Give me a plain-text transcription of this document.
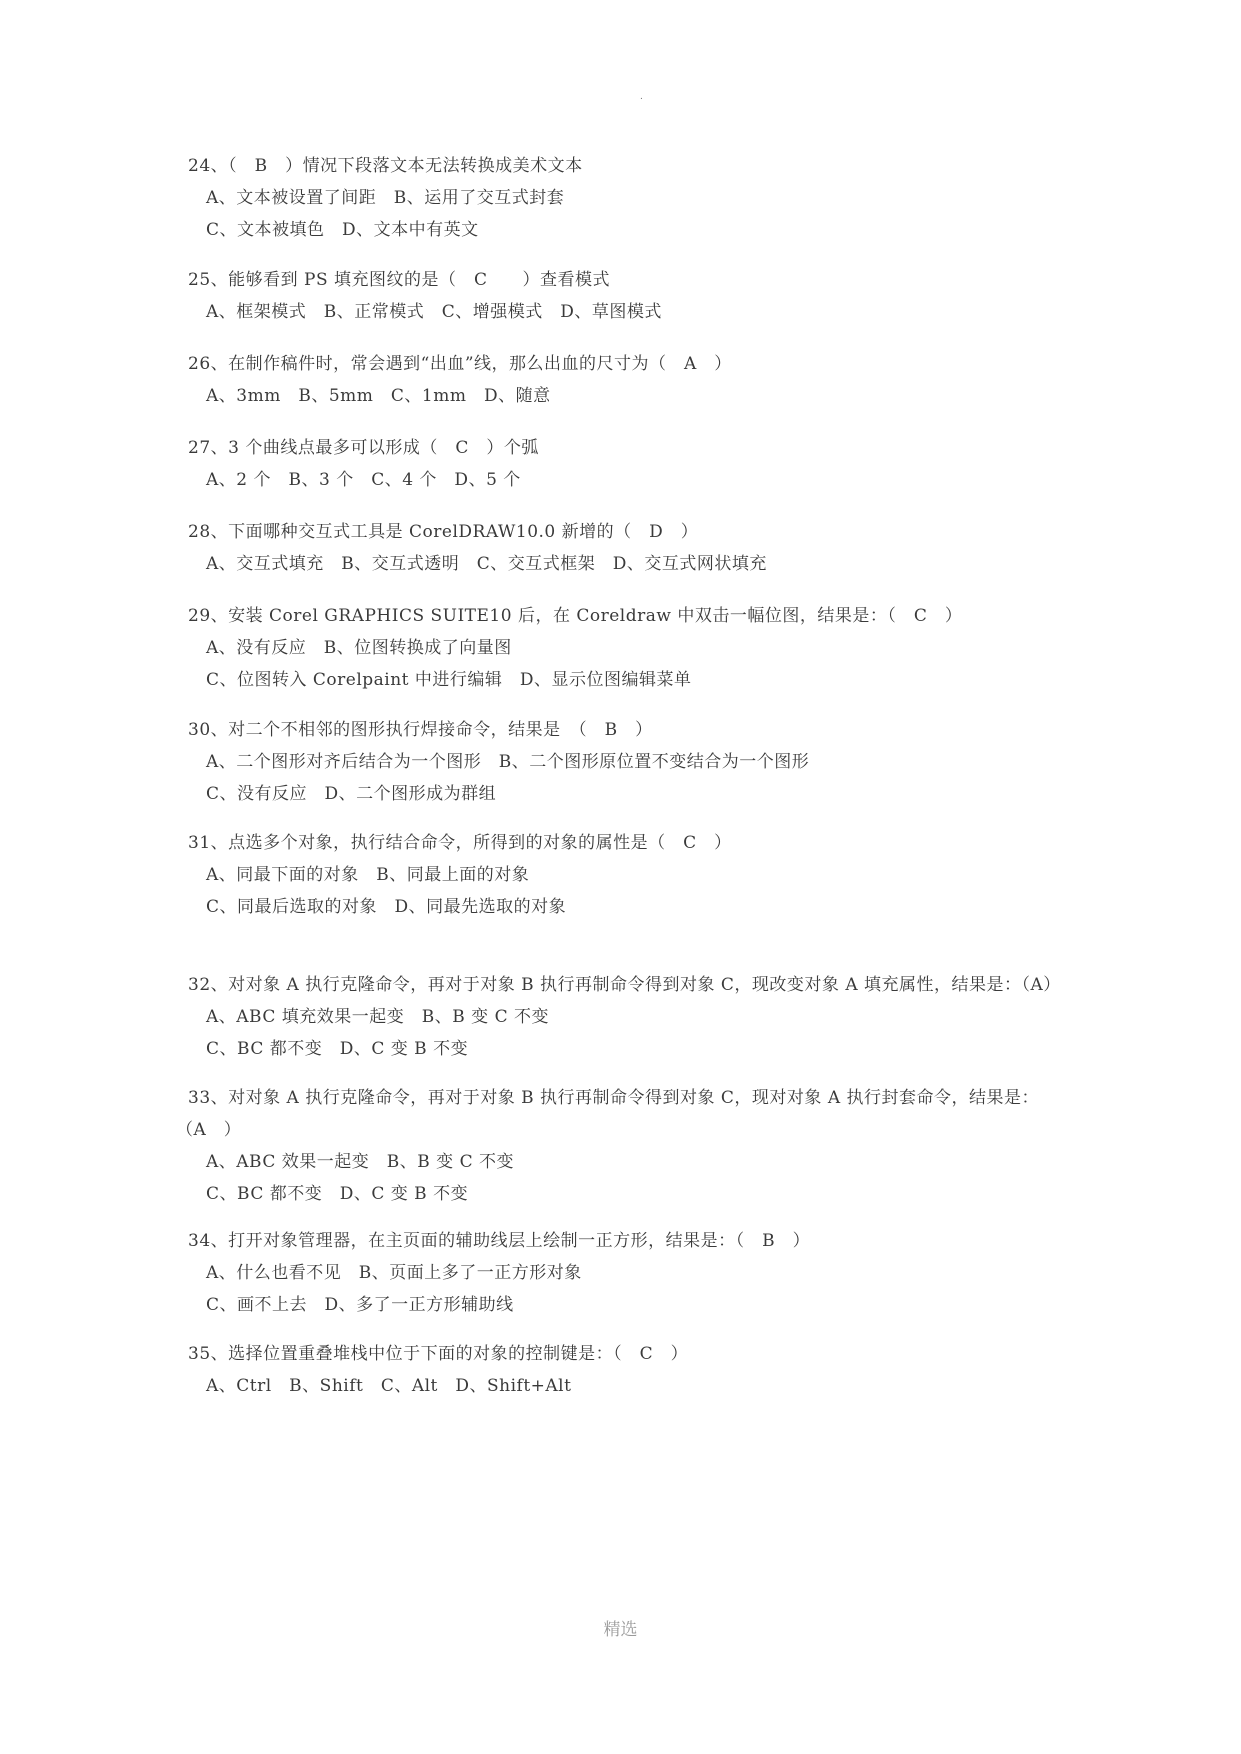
.
24、（　B　）情况下段落文本无法转换成美术文本
A、文本被设置了间距　B、运用了交互式封套
C、文本被填色　D、文本中有英文
25、能够看到 PS 填充图纹的是（　C　　）查看模式
A、框架模式　B、正常模式　C、增强模式　D、草图模式
26、在制作稿件时，常会遇到“出血”线，那么出血的尺寸为（　A　）
A、3mm　B、5mm　C、1mm　D、随意
27、3 个曲线点最多可以形成（　C　）个弧
A、2 个　B、3 个　C、4 个　D、5 个
28、下面哪种交互式工具是 CorelDRAW10.0 新增的（　D　）
A、交互式填充　B、交互式透明　C、交互式框架　D、交互式网状填充
29、安装 Corel GRAPHICS SUITE10 后，在 Coreldraw 中双击一幅位图，结果是：（　C　）
A、没有反应　B、位图转换成了向量图
C、位图转入 Corelpaint 中进行编辑　D、显示位图编辑菜单
30、对二个不相邻的图形执行焊接命令，结果是　（　B　）
A、二个图形对齐后结合为一个图形　B、二个图形原位置不变结合为一个图形
C、没有反应　D、二个图形成为群组
31、点选多个对象，执行结合命令，所得到的对象的属性是（　C　）
A、同最下面的对象　B、同最上面的对象
C、同最后选取的对象　D、同最先选取的对象
32、对对象 A 执行克隆命令，再对于对象 B 执行再制命令得到对象 C，现改变对象 A 填充属性，结果是：（A）
A、ABC 填充效果一起变　B、B 变 C 不变
C、BC 都不变　D、C 变 B 不变
33、对对象 A 执行克隆命令，再对于对象 B 执行再制命令得到对象 C，现对对象 A 执行封套命令，结果是：
（A　）
A、ABC 效果一起变　B、B 变 C 不变
C、BC 都不变　D、C 变 B 不变
34、打开对象管理器，在主页面的辅助线层上绘制一正方形，结果是：（　B　）
A、什么也看不见　B、页面上多了一正方形对象
C、画不上去　D、多了一正方形辅助线
35、选择位置重叠堆栈中位于下面的对象的控制键是：（　C　）
A、Ctrl　B、Shift　C、Alt　D、Shift+Alt
精选
